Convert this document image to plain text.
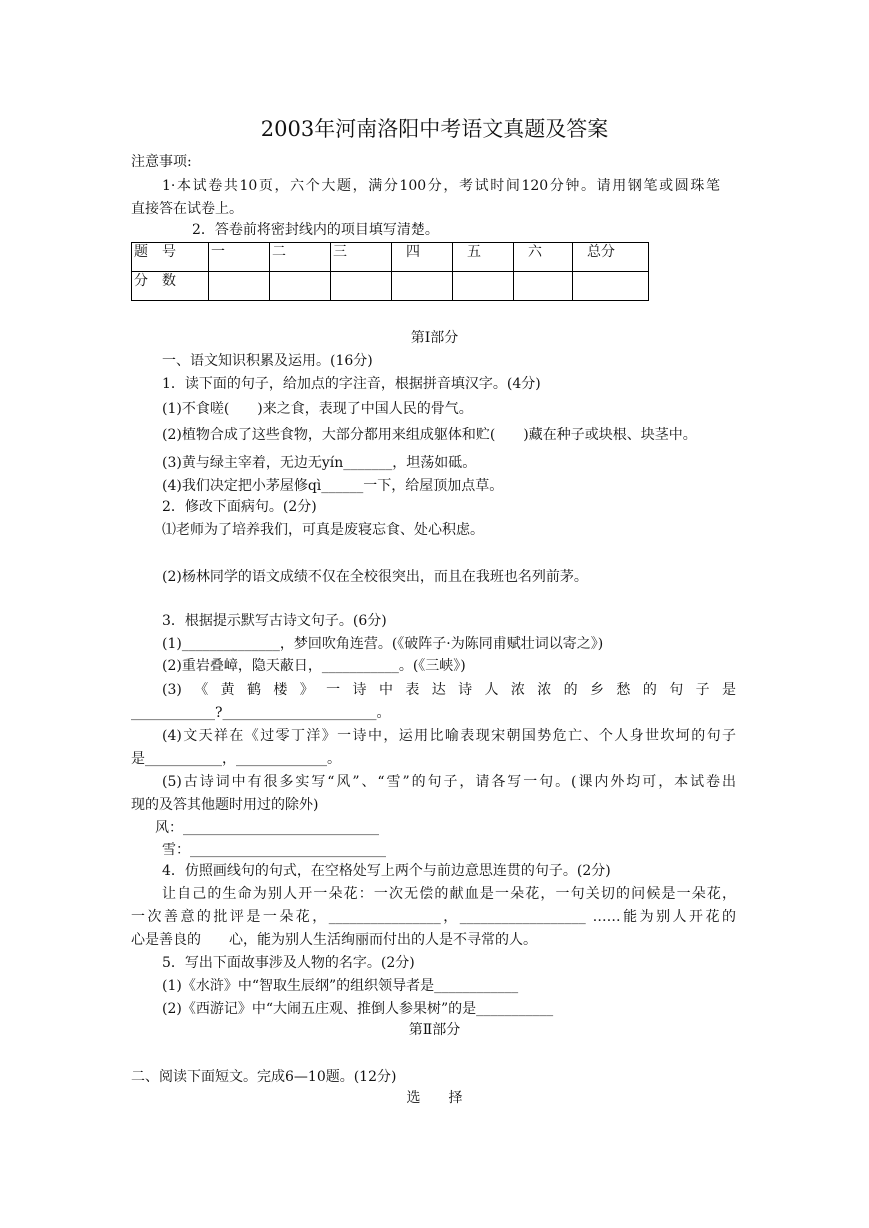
2003年河南洛阳中考语文真题及答案
注意事项:
1·本试卷共10页，六个大题，满分100分，考试时间120分钟。请用钢笔或圆珠笔
直接答在试卷上。
2．答卷前将密封线内的项目填写清楚。
题　号	一	二	三	四	五	六	总分
分　数							
第Ⅰ部分
一、语文知识积累及运用。(16分)
1．读下面的句子，给加点的字注音，根据拼音填汉字。(4分)
(1)不食嗟(　　)来之食，表现了中国人民的骨气。
(2)植物合成了这些食物，大部分都用来组成躯体和贮(　　)藏在种子或块根、块茎中。
(3)黄与绿主宰着，无边无yín_______，坦荡如砥。
(4)我们决定把小茅屋修qì______一下，给屋顶加点草。
2．修改下面病句。(2分)
⑴老师为了培养我们，可真是废寝忘食、处心积虑。
(2)杨林同学的语文成绩不仅在全校很突出，而且在我班也名列前茅。
3．根据提示默写古诗文句子。(6分)
(1)______________，梦回吹角连营。(《破阵子·为陈同甫赋壮词以寄之》)
(2)重岩叠嶂，隐天蔽日，___________。(《三峡》)
(3)《黄鹤楼》一诗中表达诗人浓浓的乡愁的句子是
____________?______________________。
(4)文天祥在《过零丁洋》一诗中，运用比喻表现宋朝国势危亡、个人身世坎坷的句子
是___________，_____________。
(5)古诗词中有很多实写“风”、“雪”的句子，请各写一句。(课内外均可，本试卷出
现的及答其他题时用过的除外)
风：____________________________
雪：____________________________
4．仿照画线句的句式，在空格处写上两个与前边意思连贯的句子。(2分)
让自己的生命为别人开一朵花：一次无偿的献血是一朵花，一句关切的问候是一朵花，
一次善意的批评是一朵花，________________，__________________ ……能为别人开花的
心是善良的　　心，能为别人生活绚丽而付出的人是不寻常的人。
5．写出下面故事涉及人物的名字。(2分)
(1)《水浒》中“智取生辰纲”的组织领导者是____________
(2)《西游记》中“大闹五庄观、推倒人参果树”的是___________
第Ⅱ部分
二、阅读下面短文。完成6—10题。(12分)
选　　择
